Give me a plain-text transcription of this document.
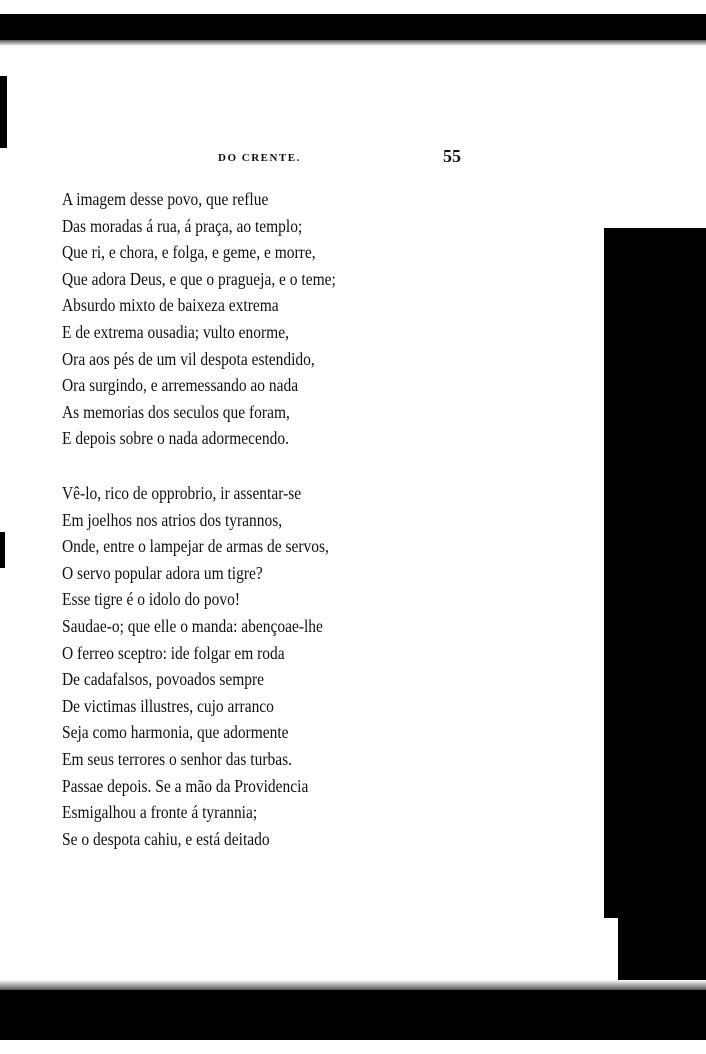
DO CRENTE.	55
A imagem desse povo, que reflue
Das moradas á rua, á praça, ao templo;
Que ri, e chora, e folga, e geme, e morre,
Que adora Deus, e que o pragueja, e o teme;
Absurdo mixto de baixeza extrema
E de extrema ousadia; vulto enorme,
Ora aos pés de um vil despota estendido,
Ora surgindo, e arremessando ao nada
As memorias dos seculos que foram,
E depois sobre o nada adormecendo.
Vê-lo, rico de opprobrio, ir assentar-se
Em joelhos nos atrios dos tyrannos,
Onde, entre o lampejar de armas de servos,
O servo popular adora um tigre?
Esse tigre é o idolo do povo!
Saudae-o; que elle o manda: abençoae-lhe
O ferreo sceptro: ide folgar em roda
De cadafalsos, povoados sempre
De victimas illustres, cujo arranco
Seja como harmonia, que adormente
Em seus terrores o senhor das turbas.
Passae depois. Se a mão da Providencia
Esmigalhou a fronte á tyrannia;
Se o despota cahiu, e está deitado
